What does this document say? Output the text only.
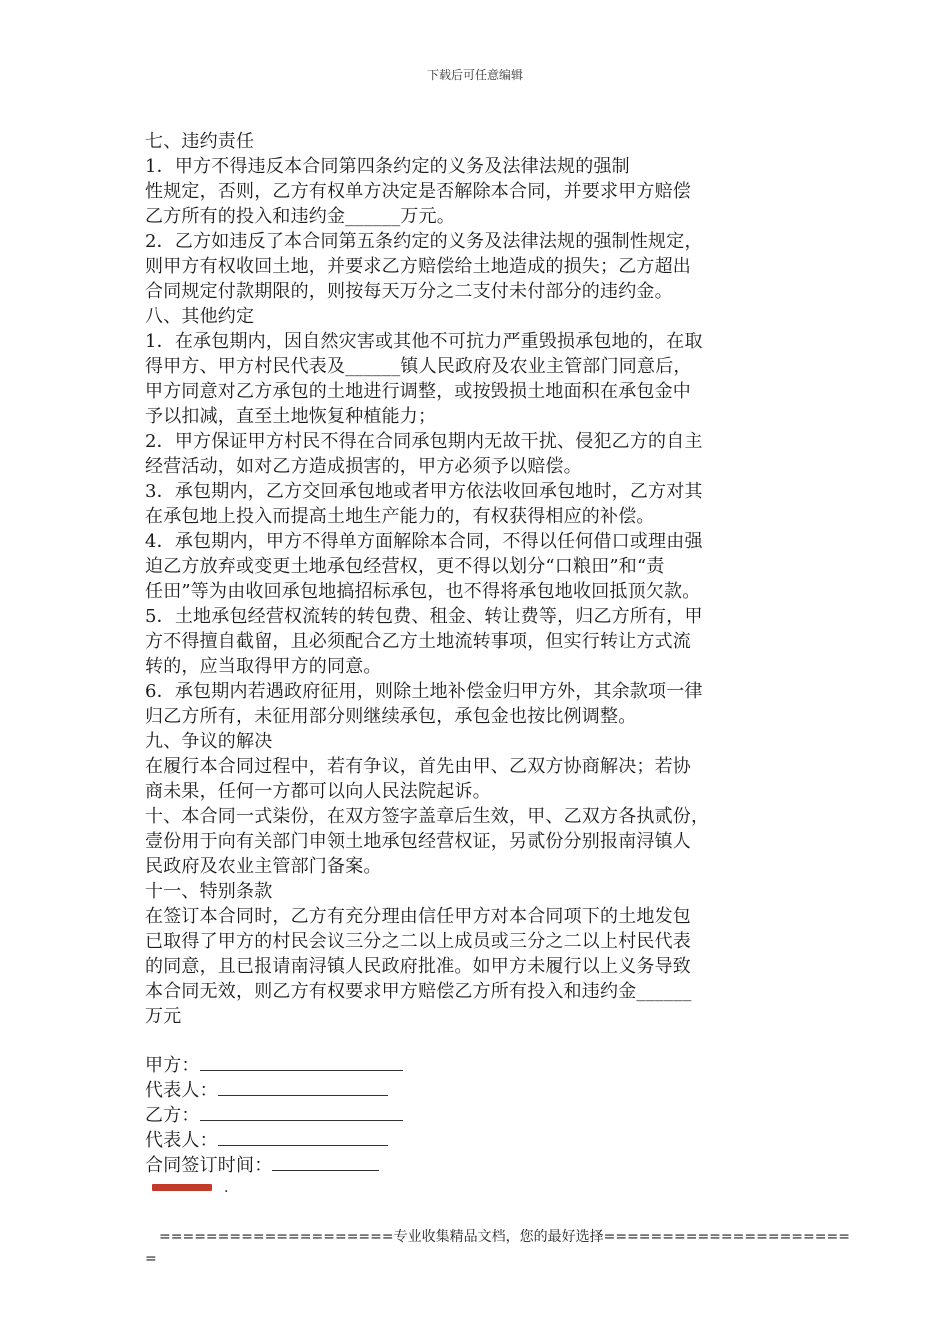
下载后可任意编辑
七、违约责任
1．甲方不得违反本合同第四条约定的义务及法律法规的强制
性规定，否则，乙方有权单方决定是否解除本合同，并要求甲方赔偿
乙方所有的投入和违约金______万元。
2．乙方如违反了本合同第五条约定的义务及法律法规的强制性规定，
则甲方有权收回土地，并要求乙方赔偿给土地造成的损失；乙方超出
合同规定付款期限的，则按每天万分之二支付未付部分的违约金。
八、其他约定
1．在承包期内，因自然灾害或其他不可抗力严重毁损承包地的，在取
得甲方、甲方村民代表及______镇人民政府及农业主管部门同意后，
甲方同意对乙方承包的土地进行调整，或按毁损土地面积在承包金中
予以扣减，直至土地恢复种植能力；
2．甲方保证甲方村民不得在合同承包期内无故干扰、侵犯乙方的自主
经营活动，如对乙方造成损害的，甲方必须予以赔偿。
3．承包期内，乙方交回承包地或者甲方依法收回承包地时，乙方对其
在承包地上投入而提高土地生产能力的，有权获得相应的补偿。
4．承包期内，甲方不得单方面解除本合同，不得以任何借口或理由强
迫乙方放弃或变更土地承包经营权，更不得以划分“口粮田”和“责
任田”等为由收回承包地搞招标承包，也不得将承包地收回抵顶欠款。
5．土地承包经营权流转的转包费、租金、转让费等，归乙方所有，甲
方不得擅自截留，且必须配合乙方土地流转事项，但实行转让方式流
转的，应当取得甲方的同意。
6．承包期内若遇政府征用，则除土地补偿金归甲方外，其余款项一律
归乙方所有，未征用部分则继续承包，承包金也按比例调整。
九、争议的解决
在履行本合同过程中，若有争议，首先由甲、乙双方协商解决；若协
商未果，任何一方都可以向人民法院起诉。
十、本合同一式柒份，在双方签字盖章后生效，甲、乙双方各执贰份，
壹份用于向有关部门申领土地承包经营权证，另贰份分别报南浔镇人
民政府及农业主管部门备案。
十一、特别条款
在签订本合同时，乙方有充分理由信任甲方对本合同项下的土地发包
已取得了甲方的村民会议三分之二以上成员或三分之二以上村民代表
的同意，且已报请南浔镇人民政府批准。如甲方未履行以上义务导致
本合同无效，则乙方有权要求甲方赔偿乙方所有投入和违约金______
万元
甲方：
代表人：
乙方：
代表人：
合同签订时间：
.
====================专业收集精品文档，您的最好选择=====================
=
